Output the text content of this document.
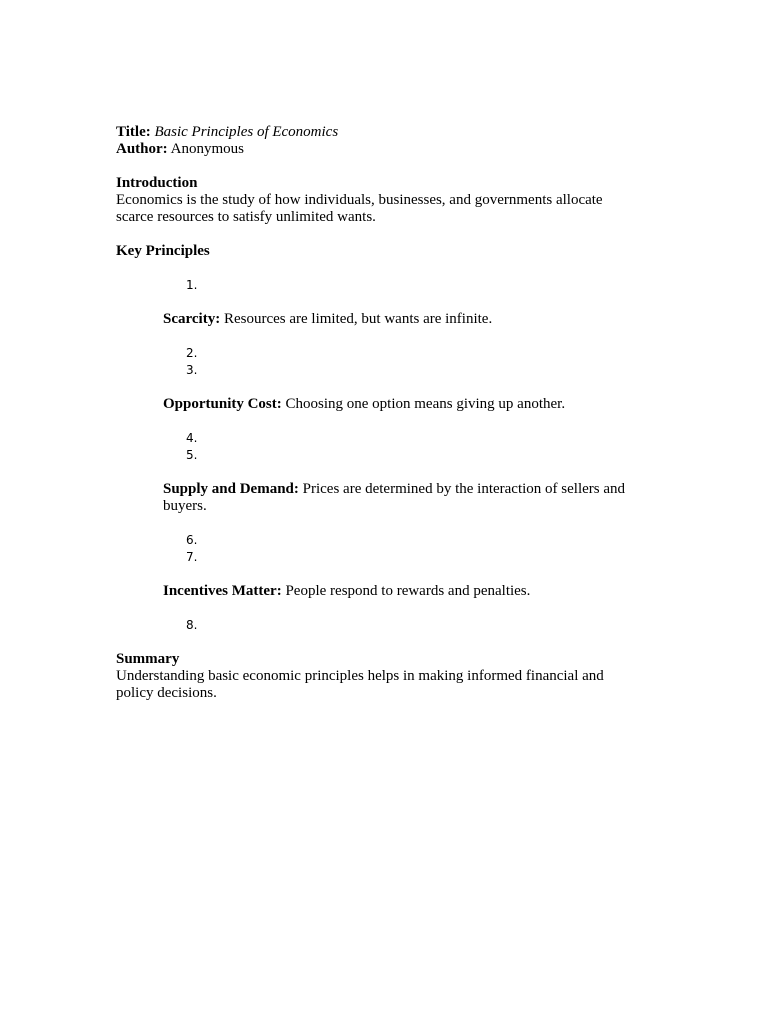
Title: Basic Principles of Economics
Author: Anonymous
Introduction
Economics is the study of how individuals, businesses, and governments allocate
scarce resources to satisfy unlimited wants.
Key Principles
1.
Scarcity: Resources are limited, but wants are infinite.
2.
3.
Opportunity Cost: Choosing one option means giving up another.
4.
5.
Supply and Demand: Prices are determined by the interaction of sellers and
buyers.
6.
7.
Incentives Matter: People respond to rewards and penalties.
8.
Summary
Understanding basic economic principles helps in making informed financial and
policy decisions.
